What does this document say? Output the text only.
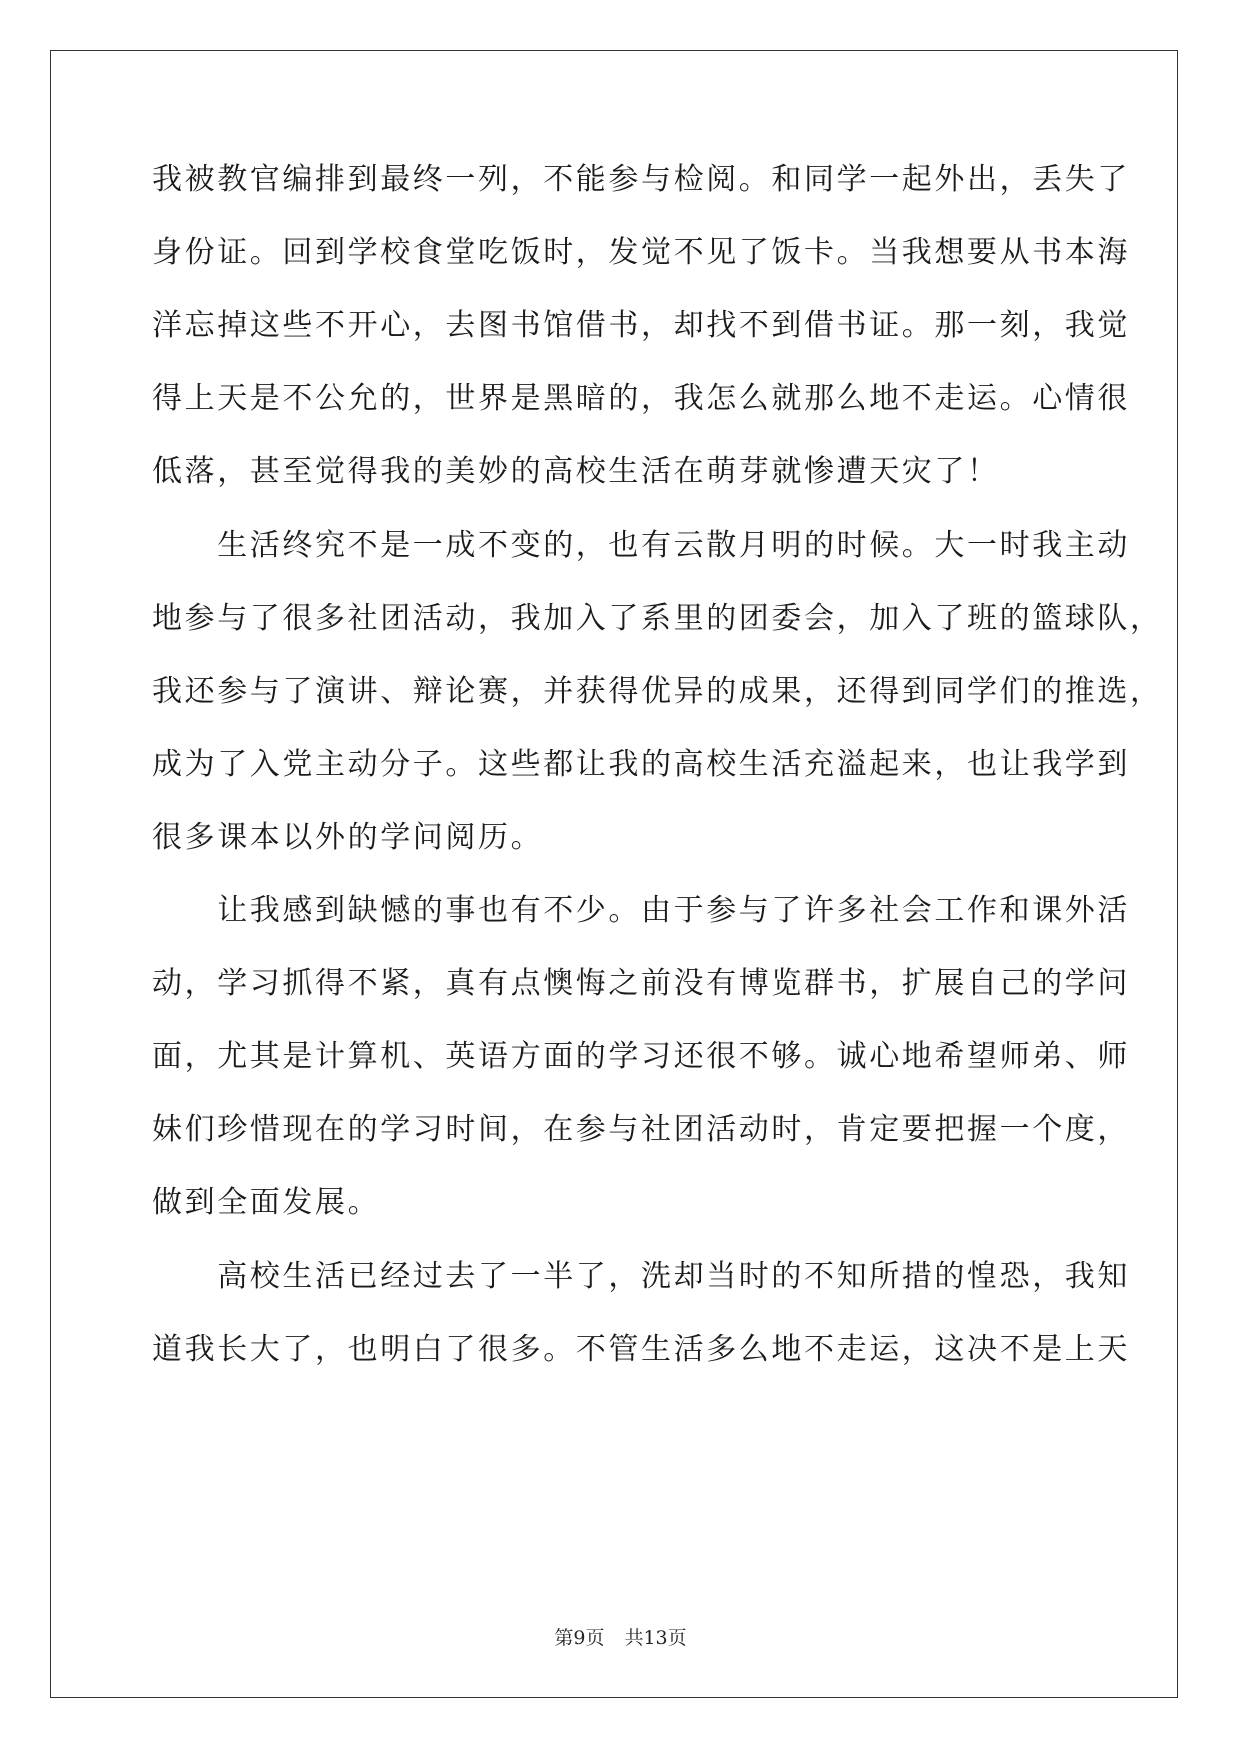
我被教官编排到最终一列，不能参与检阅。和同学一起外出，丢失了
身份证。回到学校食堂吃饭时，发觉不见了饭卡。当我想要从书本海
洋忘掉这些不开心，去图书馆借书，却找不到借书证。那一刻，我觉
得上天是不公允的，世界是黑暗的，我怎么就那么地不走运。心情很
低落，甚至觉得我的美妙的高校生活在萌芽就惨遭天灾了！
　　生活终究不是一成不变的，也有云散月明的时候。大一时我主动
地参与了很多社团活动，我加入了系里的团委会，加入了班的篮球队，
我还参与了演讲、辩论赛，并获得优异的成果，还得到同学们的推选，
成为了入党主动分子。这些都让我的高校生活充溢起来，也让我学到
很多课本以外的学问阅历。
　　让我感到缺憾的事也有不少。由于参与了许多社会工作和课外活
动，学习抓得不紧，真有点懊悔之前没有博览群书，扩展自己的学问
面，尤其是计算机、英语方面的学习还很不够。诚心地希望师弟、师
妹们珍惜现在的学习时间，在参与社团活动时，肯定要把握一个度，
做到全面发展。
　　高校生活已经过去了一半了，洗却当时的不知所措的惶恐，我知
道我长大了，也明白了很多。不管生活多么地不走运，这决不是上天
第9页 共13页
